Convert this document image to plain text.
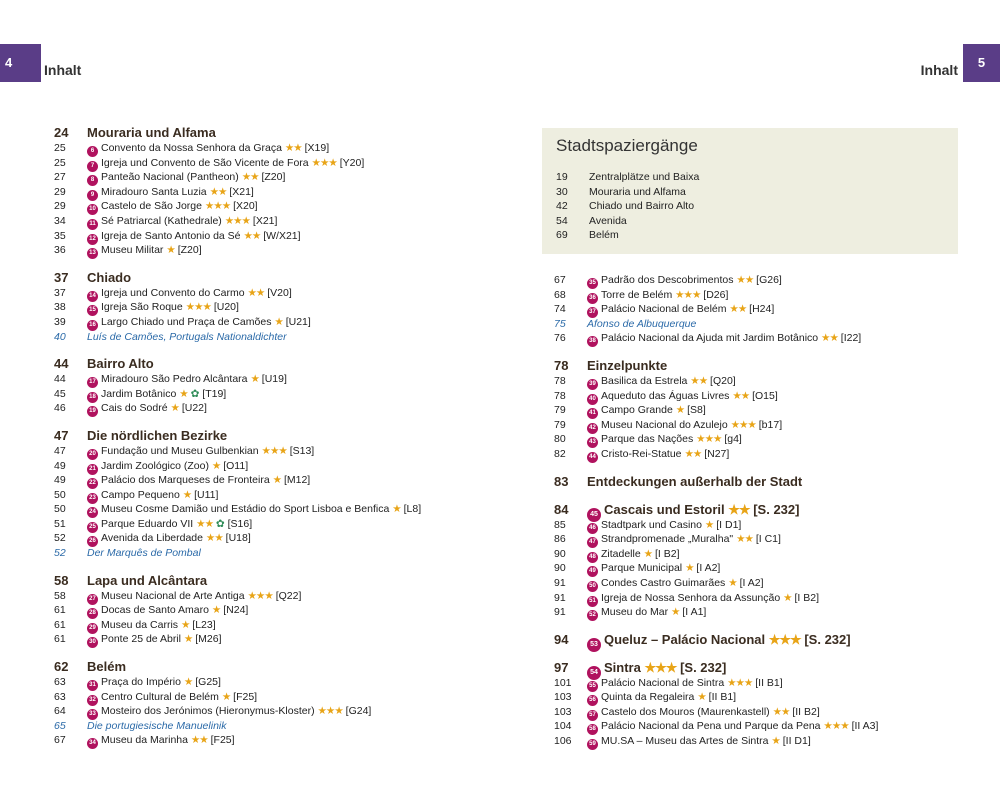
4	Inhalt	5
Inhalt
24 Mouraria und Alfama
25	6 Convento da Nossa Senhora da Graça ★★ [X19]
25	7 Igreja und Convento de São Vicente de Fora ★★★ [Y20]
27	8 Panteão Nacional (Pantheon) ★★ [Z20]
29	9 Miradouro Santa Luzia ★★ [X21]
29	10 Castelo de São Jorge ★★★ [X20]
34	11 Sé Patriarcal (Kathedrale) ★★★ [X21]
35	12 Igreja de Santo Antonio da Sé ★★ [W/X21]
36	13 Museu Militar ★ [Z20]
37 Chiado
37	14 Igreja und Convento do Carmo ★★ [V20]
38	15 Igreja São Roque ★★★ [U20]
39	16 Largo Chiado und Praça de Camões ★ [U21]
40	Luís de Camões, Portugals Nationaldichter
44 Bairro Alto
44	17 Miradouro São Pedro Alcântara ★ [U19]
45	18 Jardim Botânico ★ ✿ [T19]
46	19 Cais do Sodré ★ [U22]
47 Die nördlichen Bezirke
47	20 Fundação und Museu Gulbenkian ★★★ [S13]
49	21 Jardim Zoológico (Zoo) ★ [O11]
49	22 Palácio dos Marqueses de Fronteira ★ [M12]
50	23 Campo Pequeno ★ [U11]
50	24 Museu Cosme Damião und Estádio do Sport Lisboa e Benfica ★ [L8]
51	25 Parque Eduardo VII ★★ ✿ [S16]
52	26 Avenida da Liberdade ★★ [U18]
52	Der Marquês de Pombal
58 Lapa und Alcântara
58	27 Museu Nacional de Arte Antiga ★★★ [Q22]
61	28 Docas de Santo Amaro ★ [N24]
61	29 Museu da Carris ★ [L23]
61	30 Ponte 25 de Abril ★ [M26]
62 Belém
63	31 Praça do Império ★ [G25]
63	32 Centro Cultural de Belém ★ [F25]
64	33 Mosteiro dos Jerónimos (Hieronymus-Kloster) ★★★ [G24]
65	Die portugiesische Manuelinik
67	34 Museu da Marinha ★★ [F25]
Stadtspaziergänge
19	Zentralplätze und Baixa
30	Mouraria und Alfama
42	Chiado und Bairro Alto
54	Avenida
69	Belém
67	35 Padrão dos Descobrimentos ★★ [G26]
68	36 Torre de Belém ★★★ [D26]
74	37 Palácio Nacional de Belém ★★ [H24]
75	Afonso de Albuquerque
76	38 Palácio Nacional da Ajuda mit Jardim Botânico ★★ [I22]
78 Einzelpunkte
78	39 Basilica da Estrela ★★ [Q20]
78	40 Aqueduto das Águas Livres ★★ [O15]
79	41 Campo Grande ★ [S8]
79	42 Museu Nacional do Azulejo ★★★ [b17]
80	43 Parque das Nações ★★★ [g4]
82	44 Cristo-Rei-Statue ★★ [N27]
83 Entdeckungen außerhalb der Stadt
84	45 Cascais und Estoril ★★ [S. 232]
85	46 Stadtpark und Casino ★ [I D1]
86	47 Strandpromenade „Muralha" ★★ [I C1]
90	48 Zitadelle ★ [I B2]
90	49 Parque Municipal ★ [I A2]
91	50 Condes Castro Guimarães ★ [I A2]
91	51 Igreja de Nossa Senhora da Assunção ★ [I B2]
91	52 Museu do Mar ★ [I A1]
94	53 Queluz – Palácio Nacional ★★★ [S. 232]
97	54 Sintra ★★★ [S. 232]
101	55 Palácio Nacional de Sintra ★★★ [II B1]
103	56 Quinta da Regaleira ★ [II B1]
103	57 Castelo dos Mouros (Maurenkastell) ★★ [II B2]
104	58 Palácio Nacional da Pena und Parque da Pena ★★★ [II A3]
106	59 MU.SA – Museu das Artes de Sintra ★ [II D1]
